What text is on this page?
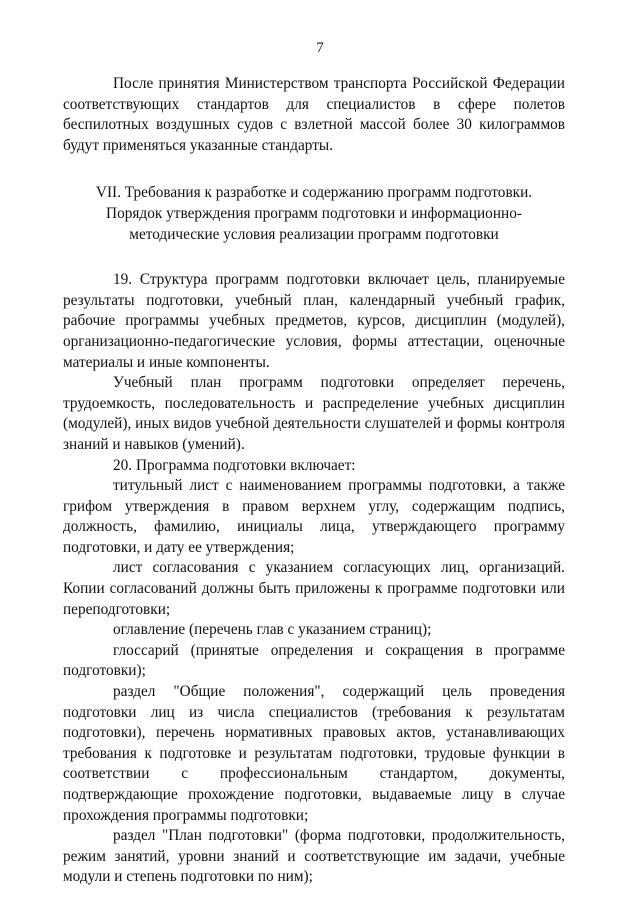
7

После принятия Министерством транспорта Российской Федерации соответствующих стандартов для специалистов в сфере полетов беспилотных воздушных судов с взлетной массой более 30 килограммов будут применяться указанные стандарты.

VII. Требования к разработке и содержанию программ подготовки.
Порядок утверждения программ подготовки и информационно-
методические условия реализации программ подготовки

19. Структура программ подготовки включает цель, планируемые результаты подготовки, учебный план, календарный учебный график, рабочие программы учебных предметов, курсов, дисциплин (модулей), организационно-педагогические условия, формы аттестации, оценочные материалы и иные компоненты.

Учебный план программ подготовки определяет перечень, трудоемкость, последовательность и распределение учебных дисциплин (модулей), иных видов учебной деятельности слушателей и формы контроля знаний и навыков (умений).

20. Программа подготовки включает:

титульный лист с наименованием программы подготовки, а также грифом утверждения в правом верхнем углу, содержащим подпись, должность, фамилию, инициалы лица, утверждающего программу подготовки, и дату ее утверждения;

лист согласования с указанием согласующих лиц, организаций. Копии согласований должны быть приложены к программе подготовки или переподготовки;

оглавление (перечень глав с указанием страниц);

глоссарий (принятые определения и сокращения в программе подготовки);

раздел "Общие положения", содержащий цель проведения подготовки лиц из числа специалистов (требования к результатам подготовки), перечень нормативных правовых актов, устанавливающих требования к подготовке и результатам подготовки, трудовые функции в соответствии с профессиональным стандартом, документы, подтверждающие прохождение подготовки, выдаваемые лицу в случае прохождения программы подготовки;

раздел "План подготовки" (форма подготовки, продолжительность, режим занятий, уровни знаний и соответствующие им задачи, учебные модули и степень подготовки по ним);
